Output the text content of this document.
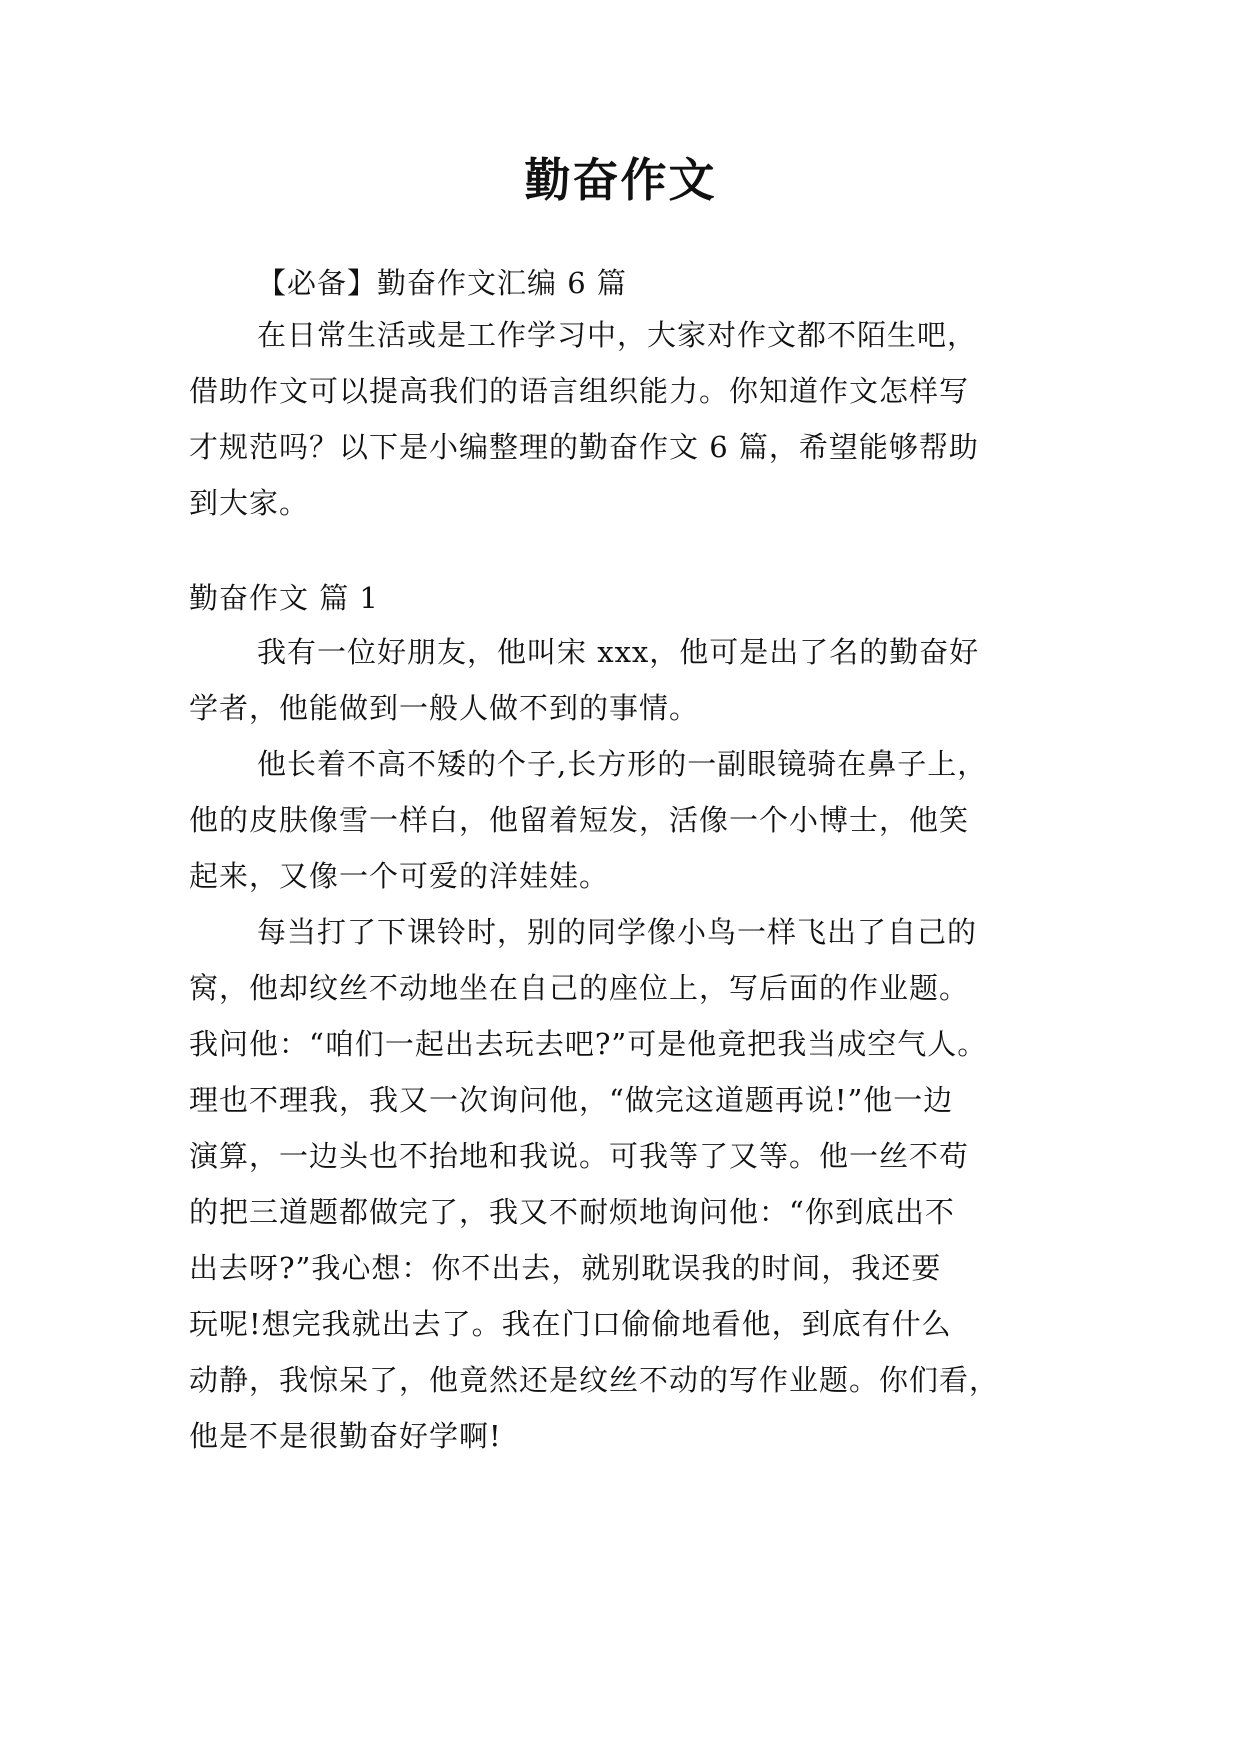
勤奋作文
【必备】勤奋作文汇编 6 篇
在日常生活或是工作学习中，大家对作文都不陌生吧，
借助作文可以提高我们的语言组织能力。你知道作文怎样写
才规范吗？以下是小编整理的勤奋作文 6 篇，希望能够帮助
到大家。
勤奋作文 篇 1
我有一位好朋友，他叫宋 xxx，他可是出了名的勤奋好
学者，他能做到一般人做不到的事情。
他长着不高不矮的个子,长方形的一副眼镜骑在鼻子上，
他的皮肤像雪一样白，他留着短发，活像一个小博士，他笑
起来，又像一个可爱的洋娃娃。
每当打了下课铃时，别的同学像小鸟一样飞出了自己的
窝，他却纹丝不动地坐在自己的座位上，写后面的作业题。
我问他：“咱们一起出去玩去吧?”可是他竟把我当成空气人。
理也不理我，我又一次询问他，“做完这道题再说!”他一边
演算，一边头也不抬地和我说。可我等了又等。他一丝不苟
的把三道题都做完了，我又不耐烦地询问他：“你到底出不
出去呀?”我心想：你不出去，就别耽误我的时间，我还要
玩呢!想完我就出去了。我在门口偷偷地看他，到底有什么
动静，我惊呆了，他竟然还是纹丝不动的写作业题。你们看，
他是不是很勤奋好学啊!
